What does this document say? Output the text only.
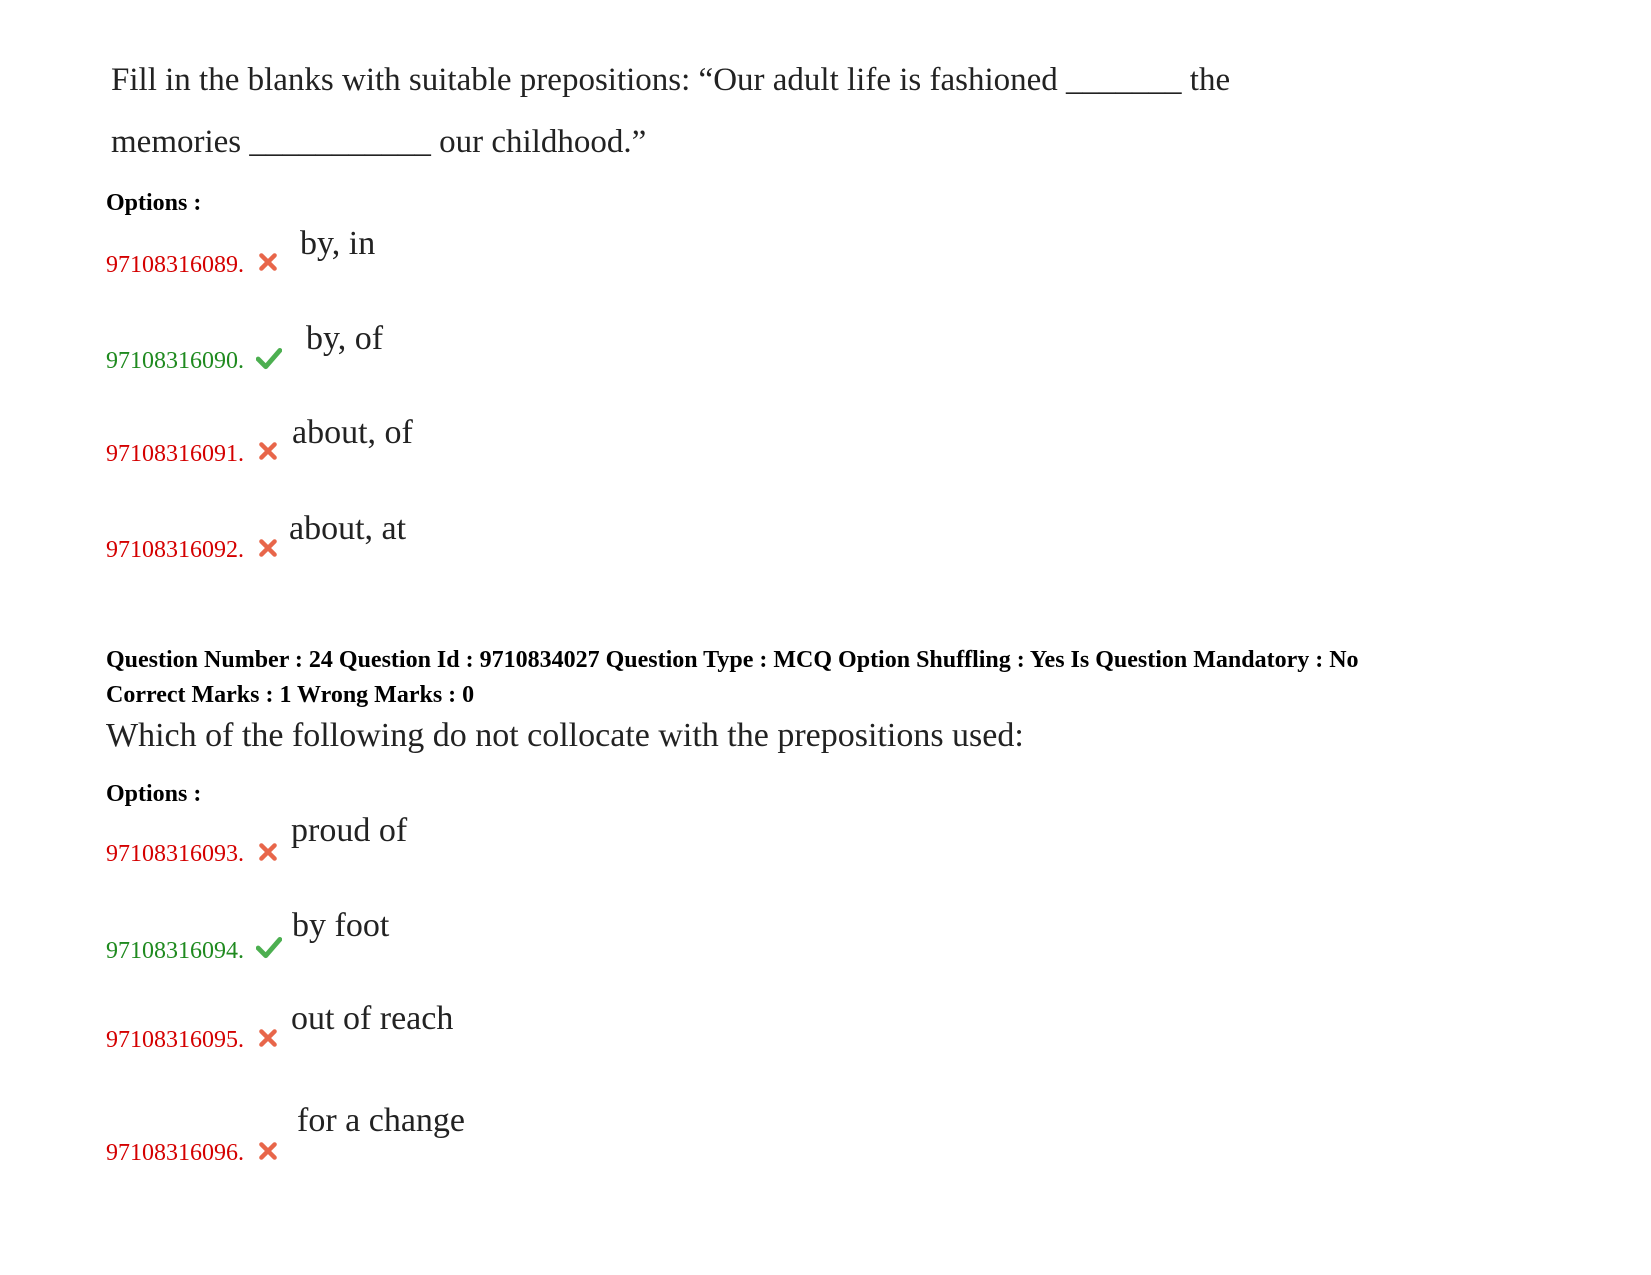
Fill in the blanks with suitable prepositions: “Our adult life is fashioned _______ the
memories ___________ our childhood.”
Options :
97108316089.
by, in
97108316090.
by, of
97108316091.
about, of
97108316092.
about, at
Question Number : 24 Question Id : 9710834027 Question Type : MCQ Option Shuffling : Yes Is Question Mandatory : No
Correct Marks : 1 Wrong Marks : 0
Which of the following do not collocate with the prepositions used:
Options :
97108316093.
proud of
97108316094.
by foot
97108316095.
out of reach
97108316096.
for a change
